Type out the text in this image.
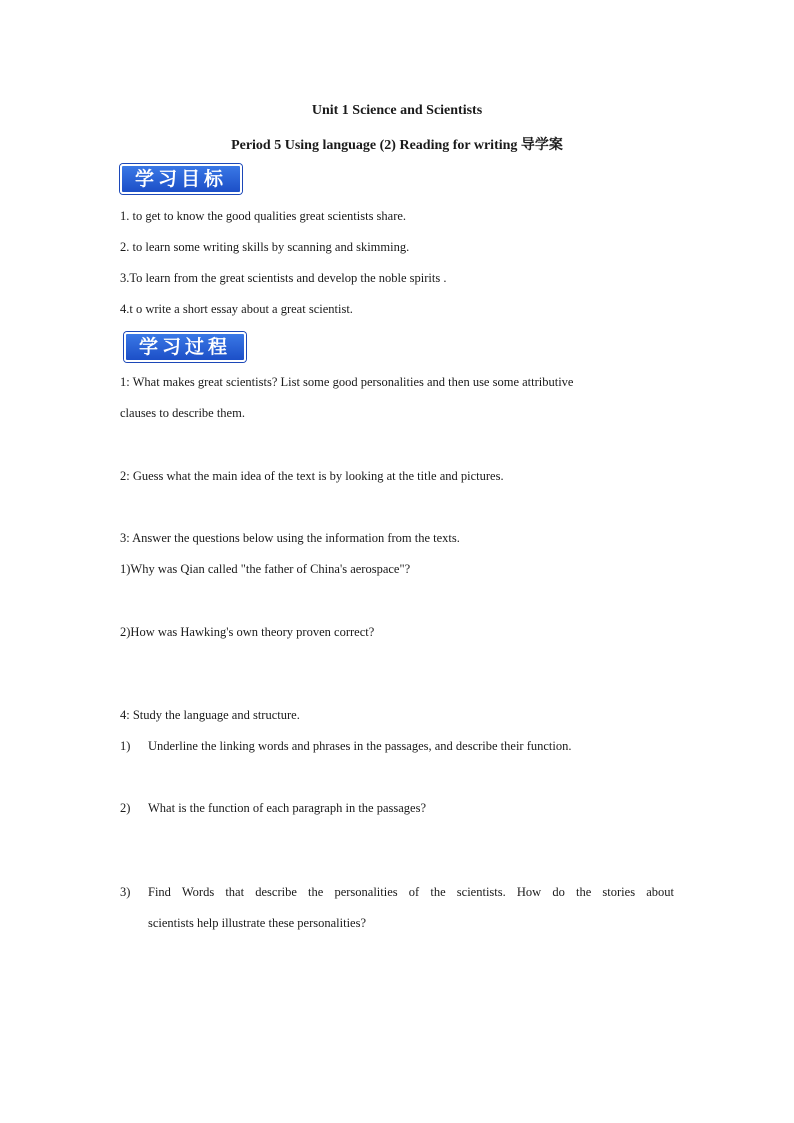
Unit 1 Science and Scientists
Period 5 Using language (2) Reading for writing 导学案
学习目标
1. to get to know the good qualities great scientists share.
2. to learn some writing skills by scanning and skimming.
3.To learn from the great scientists and develop the noble spirits .
4.t o write a short essay about a great scientist.
学习过程
1: What makes great scientists? List some good personalities and then use some attributive
clauses to describe them.
2: Guess what the main idea of the text is by looking at the title and pictures.
3: Answer the questions below using the information from the texts.
1)Why was Qian called "the father of China's aerospace"?
2)How was Hawking's own theory proven correct?
4: Study the language and structure.
1) Underline the linking words and phrases in the passages, and describe their function.
2) What is the function of each paragraph in the passages?
3) Find Words that describe the personalities of the scientists. How do the stories about
scientists help illustrate these personalities?
